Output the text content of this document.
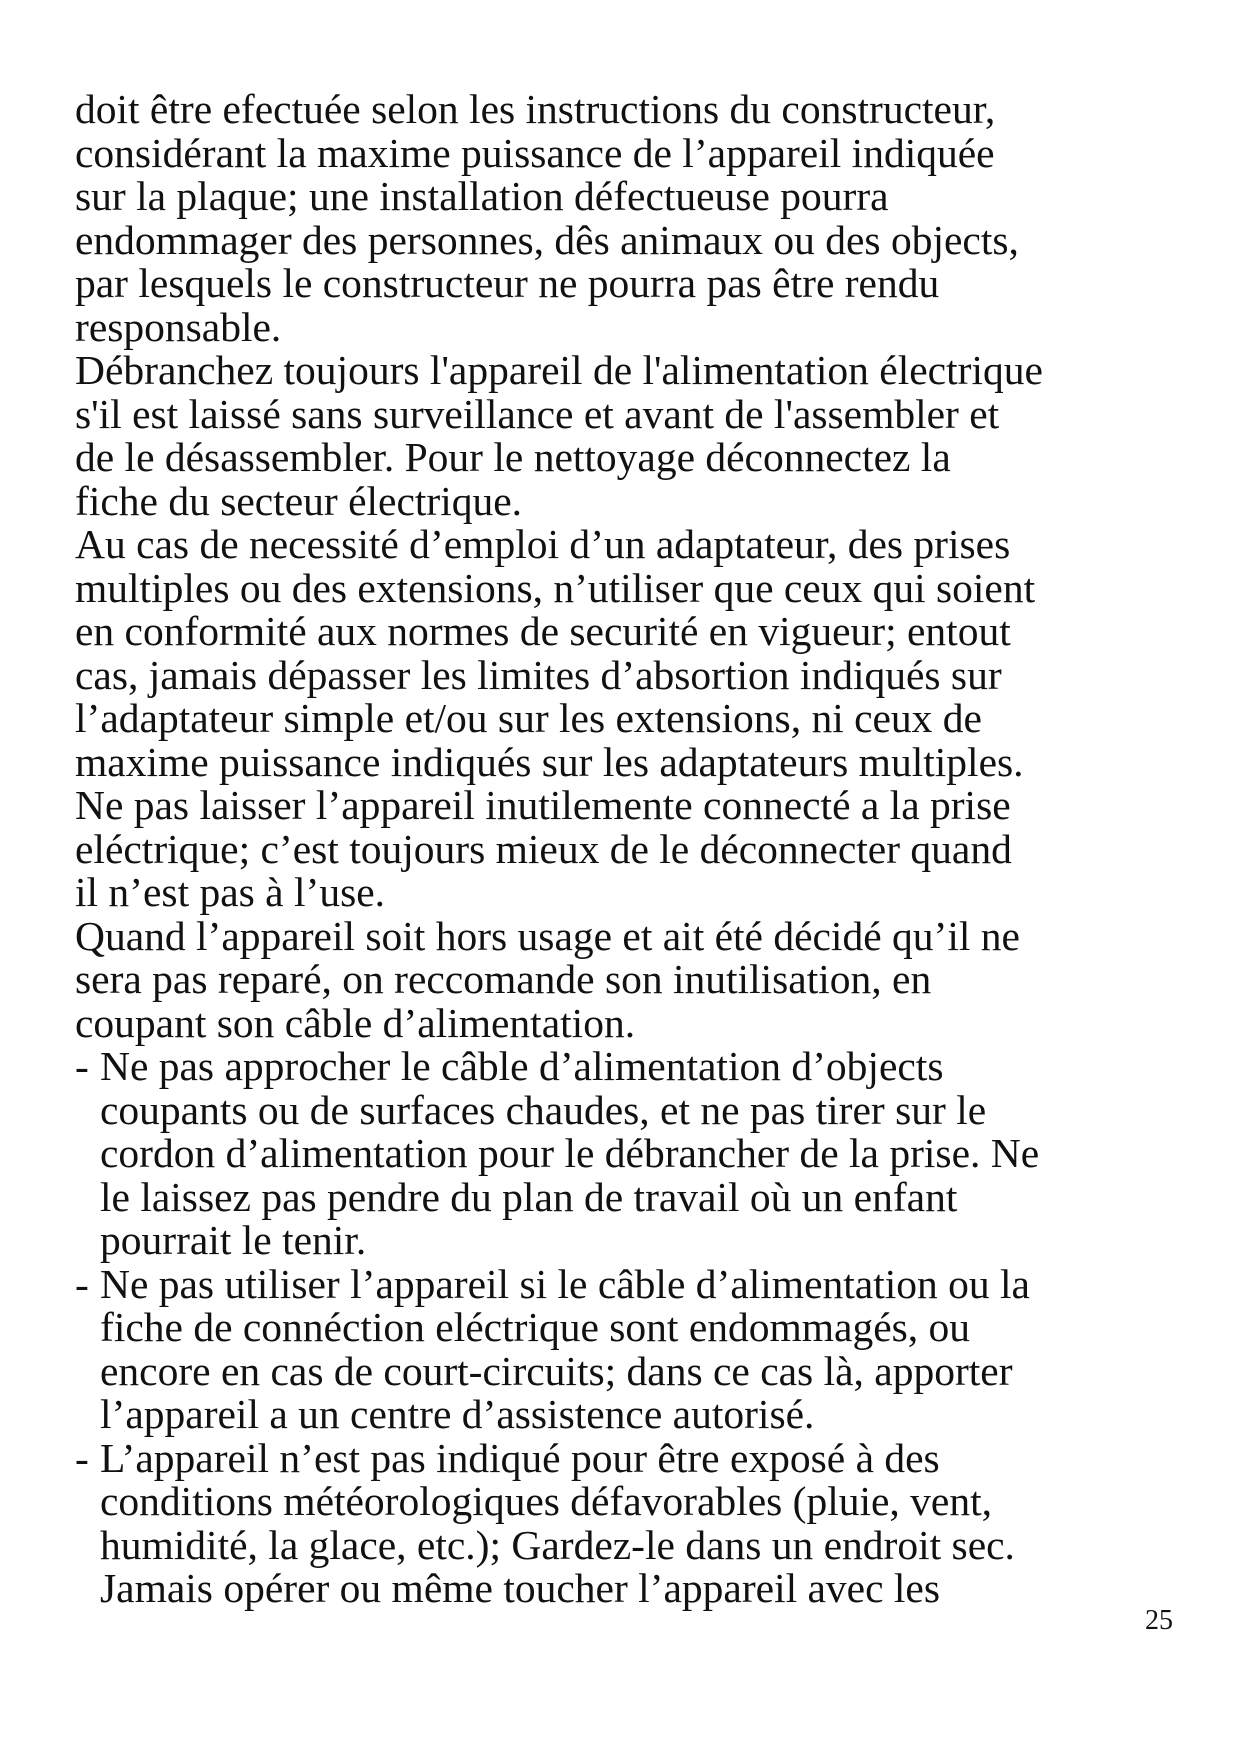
doit être efectuée selon les instructions du constructeur,
considérant la maxime puissance de l’appareil indiquée
sur la plaque; une installation défectueuse pourra
endommager des personnes, dês animaux ou des objects,
par lesquels le constructeur ne pourra pas être rendu
responsable.
Débranchez toujours l'appareil de l'alimentation électrique
s'il est laissé sans surveillance et avant de l'assembler et
de le désassembler. Pour le nettoyage déconnectez la
fiche du secteur électrique.
Au cas de necessité d’emploi d’un adaptateur, des prises
multiples ou des extensions, n’utiliser que ceux qui soient
en conformité aux normes de securité en vigueur; entout
cas, jamais dépasser les limites d’absortion indiqués sur
l’adaptateur simple et/ou sur les extensions, ni ceux de
maxime puissance indiqués sur les adaptateurs multiples.
Ne pas laisser l’appareil inutilemente connecté a la prise
eléctrique; c’est toujours mieux de le déconnecter quand
il n’est pas à l’use.
Quand l’appareil soit hors usage et ait été décidé qu’il ne
sera pas reparé, on reccomande son inutilisation, en
coupant son câble d’alimentation.
- Ne pas approcher le câble d’alimentation d’objects
coupants ou de surfaces chaudes, et ne pas tirer sur le
cordon d’alimentation pour le débrancher de la prise. Ne
le laissez pas pendre du plan de travail où un enfant
pourrait le tenir.
- Ne pas utiliser l’appareil si le câble d’alimentation ou la
fiche de connéction eléctrique sont endommagés, ou
encore en cas de court-circuits; dans ce cas là, apporter
l’appareil a un centre d’assistence autorisé.
- L’appareil n’est pas indiqué pour être exposé à des
conditions météorologiques défavorables (pluie, vent,
humidité, la glace, etc.); Gardez-le dans un endroit sec.
Jamais opérer ou même toucher l’appareil avec les
25
